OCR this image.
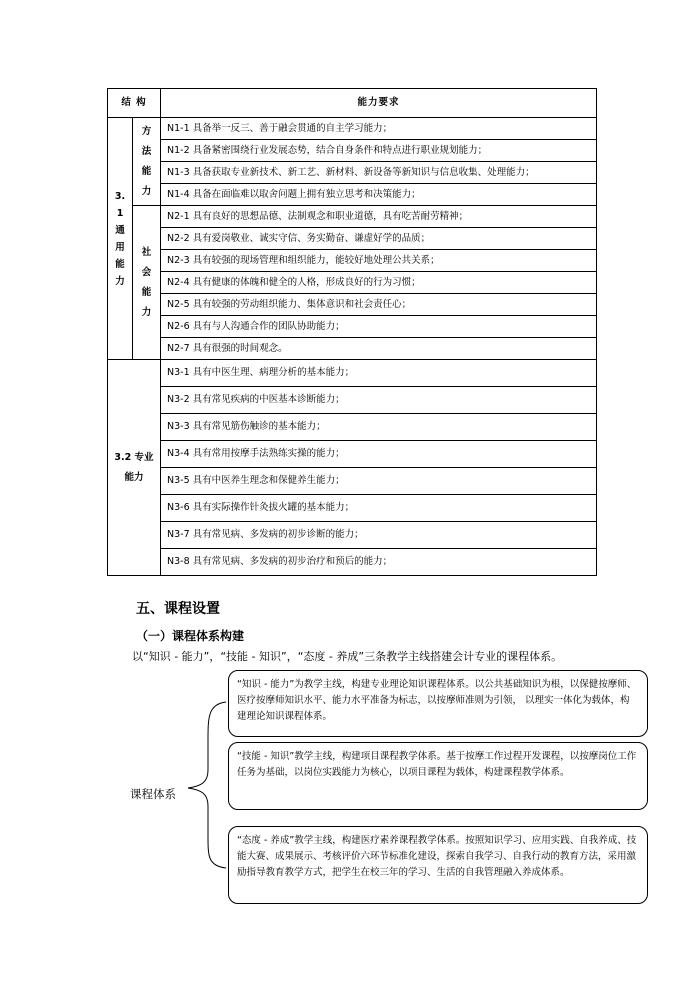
结 构		能力要求
3.1通用能力	方法能力	N1-1 具备举一反三、善于融会贯通的自主学习能力；
		N1-2 具备紧密围绕行业发展态势，结合自身条件和特点进行职业规划能力；
		N1-3 具备获取专业新技术、新工艺、新材料、新设备等新知识与信息收集、处理能力；
		N1-4 具备在面临难以取舍问题上拥有独立思考和决策能力；
	社会能力	N2-1 具有良好的思想品德、法制观念和职业道德，具有吃苦耐劳精神；
		N2-2 具有爱岗敬业、诚实守信、务实勤奋、谦虚好学的品质；
		N2-3 具有较强的现场管理和组织能力，能较好地处理公共关系；
		N2-4 具有健康的体魄和健全的人格，形成良好的行为习惯；
		N2-5 具有较强的劳动组织能力、集体意识和社会责任心；
		N2-6 具有与人沟通合作的团队协助能力；
		N2-7 具有很强的时间观念。
3.2 专业能力		N3-1 具有中医生理、病理分析的基本能力；
		N3-2 具有常见疾病的中医基本诊断能力；
		N3-3 具有常见筋伤触诊的基本能力；
		N3-4 具有常用按摩手法熟练实操的能力；
		N3-5 具有中医养生理念和保健养生能力；
		N3-6 具有实际操作针灸拔火罐的基本能力；
		N3-7 具有常见病、多发病的初步诊断的能力；
		N3-8 具有常见病、多发病的初步治疗和预后的能力；
五、课程设置
（一）课程体系构建

以“知识 - 能力”，“技能 - 知识”，“态度 - 养成”三条教学主线搭建会计专业的课程体系。

课程体系
“知识 - 能力”为教学主线，构建专业理论知识课程体系。以公共基础知识为根，以保健按摩师、医疗按摩师知识水平、能力水平准备为标志，以按摩师准则为引领， 以理实一体化为载体，构建理论知识课程体系。
“技能 - 知识”教学主线，构建项目课程教学体系。基于按摩工作过程开发课程，以按摩岗位工作任务为基础，以岗位实践能力为核心，以项目课程为载体，构建课程教学体系。
“态度 - 养成”教学主线，构建医疗素养课程教学体系。按照知识学习、应用实践、自我养成、技能大赛、成果展示、考核评价六环节标准化建设，探索自我学习、自我行动的教育方法，采用激励指导教育教学方式，把学生在校三年的学习、生活的自我管理融入养成体系。
